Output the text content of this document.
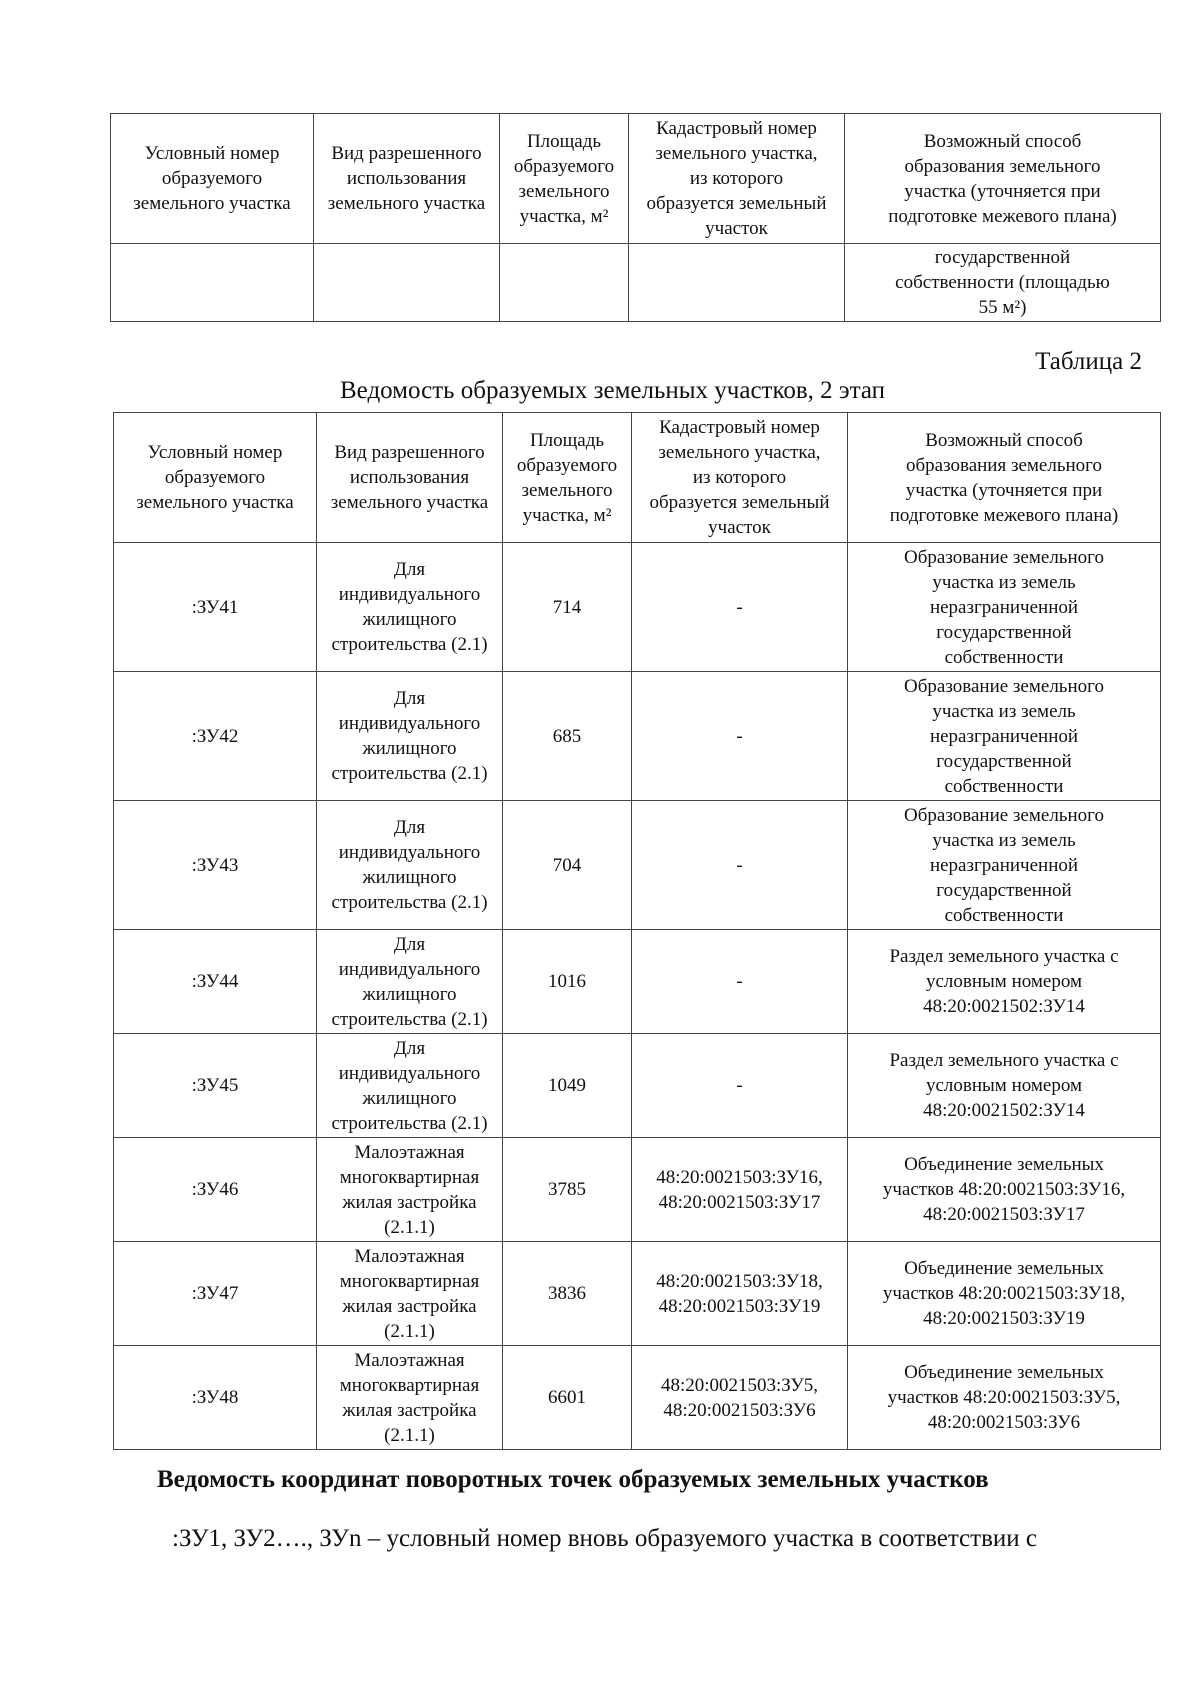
Условный номер
образуемого
земельного участка	Вид разрешенного
использования
земельного участка	Площадь
образуемого
земельного
участка, м²	Кадастровый номер
земельного участка,
из которого
образуется земельный
участок	Возможный способ
образования земельного
участка (уточняется при
подготовке межевого плана)
				государственной
собственности (площадью
55 м²)
Таблица 2
Ведомость образуемых земельных участков, 2 этап
Условный номер
образуемого
земельного участка	Вид разрешенного
использования
земельного участка	Площадь
образуемого
земельного
участка, м²	Кадастровый номер
земельного участка,
из которого
образуется земельный
участок	Возможный способ
образования земельного
участка (уточняется при
подготовке межевого плана)
:ЗУ41	Для
индивидуального
жилищного
строительства (2.1)	714	-	Образование земельного
участка из земель
неразграниченной
государственной
собственности
:ЗУ42	Для
индивидуального
жилищного
строительства (2.1)	685	-	Образование земельного
участка из земель
неразграниченной
государственной
собственности
:ЗУ43	Для
индивидуального
жилищного
строительства (2.1)	704	-	Образование земельного
участка из земель
неразграниченной
государственной
собственности
:ЗУ44	Для
индивидуального
жилищного
строительства (2.1)	1016	-	Раздел земельного участка с
условным номером
48:20:0021502:ЗУ14
:ЗУ45	Для
индивидуального
жилищного
строительства (2.1)	1049	-	Раздел земельного участка с
условным номером
48:20:0021502:ЗУ14
:ЗУ46	Малоэтажная
многоквартирная
жилая застройка
(2.1.1)	3785	48:20:0021503:ЗУ16,
48:20:0021503:ЗУ17	Объединение земельных
участков 48:20:0021503:ЗУ16,
48:20:0021503:ЗУ17
:ЗУ47	Малоэтажная
многоквартирная
жилая застройка
(2.1.1)	3836	48:20:0021503:ЗУ18,
48:20:0021503:ЗУ19	Объединение земельных
участков 48:20:0021503:ЗУ18,
48:20:0021503:ЗУ19
:ЗУ48	Малоэтажная
многоквартирная
жилая застройка
(2.1.1)	6601	48:20:0021503:ЗУ5,
48:20:0021503:ЗУ6	Объединение земельных
участков 48:20:0021503:ЗУ5,
48:20:0021503:ЗУ6
Ведомость координат поворотных точек образуемых земельных участков
:ЗУ1, ЗУ2…., ЗУn – условный номер вновь образуемого участка в соответствии с
